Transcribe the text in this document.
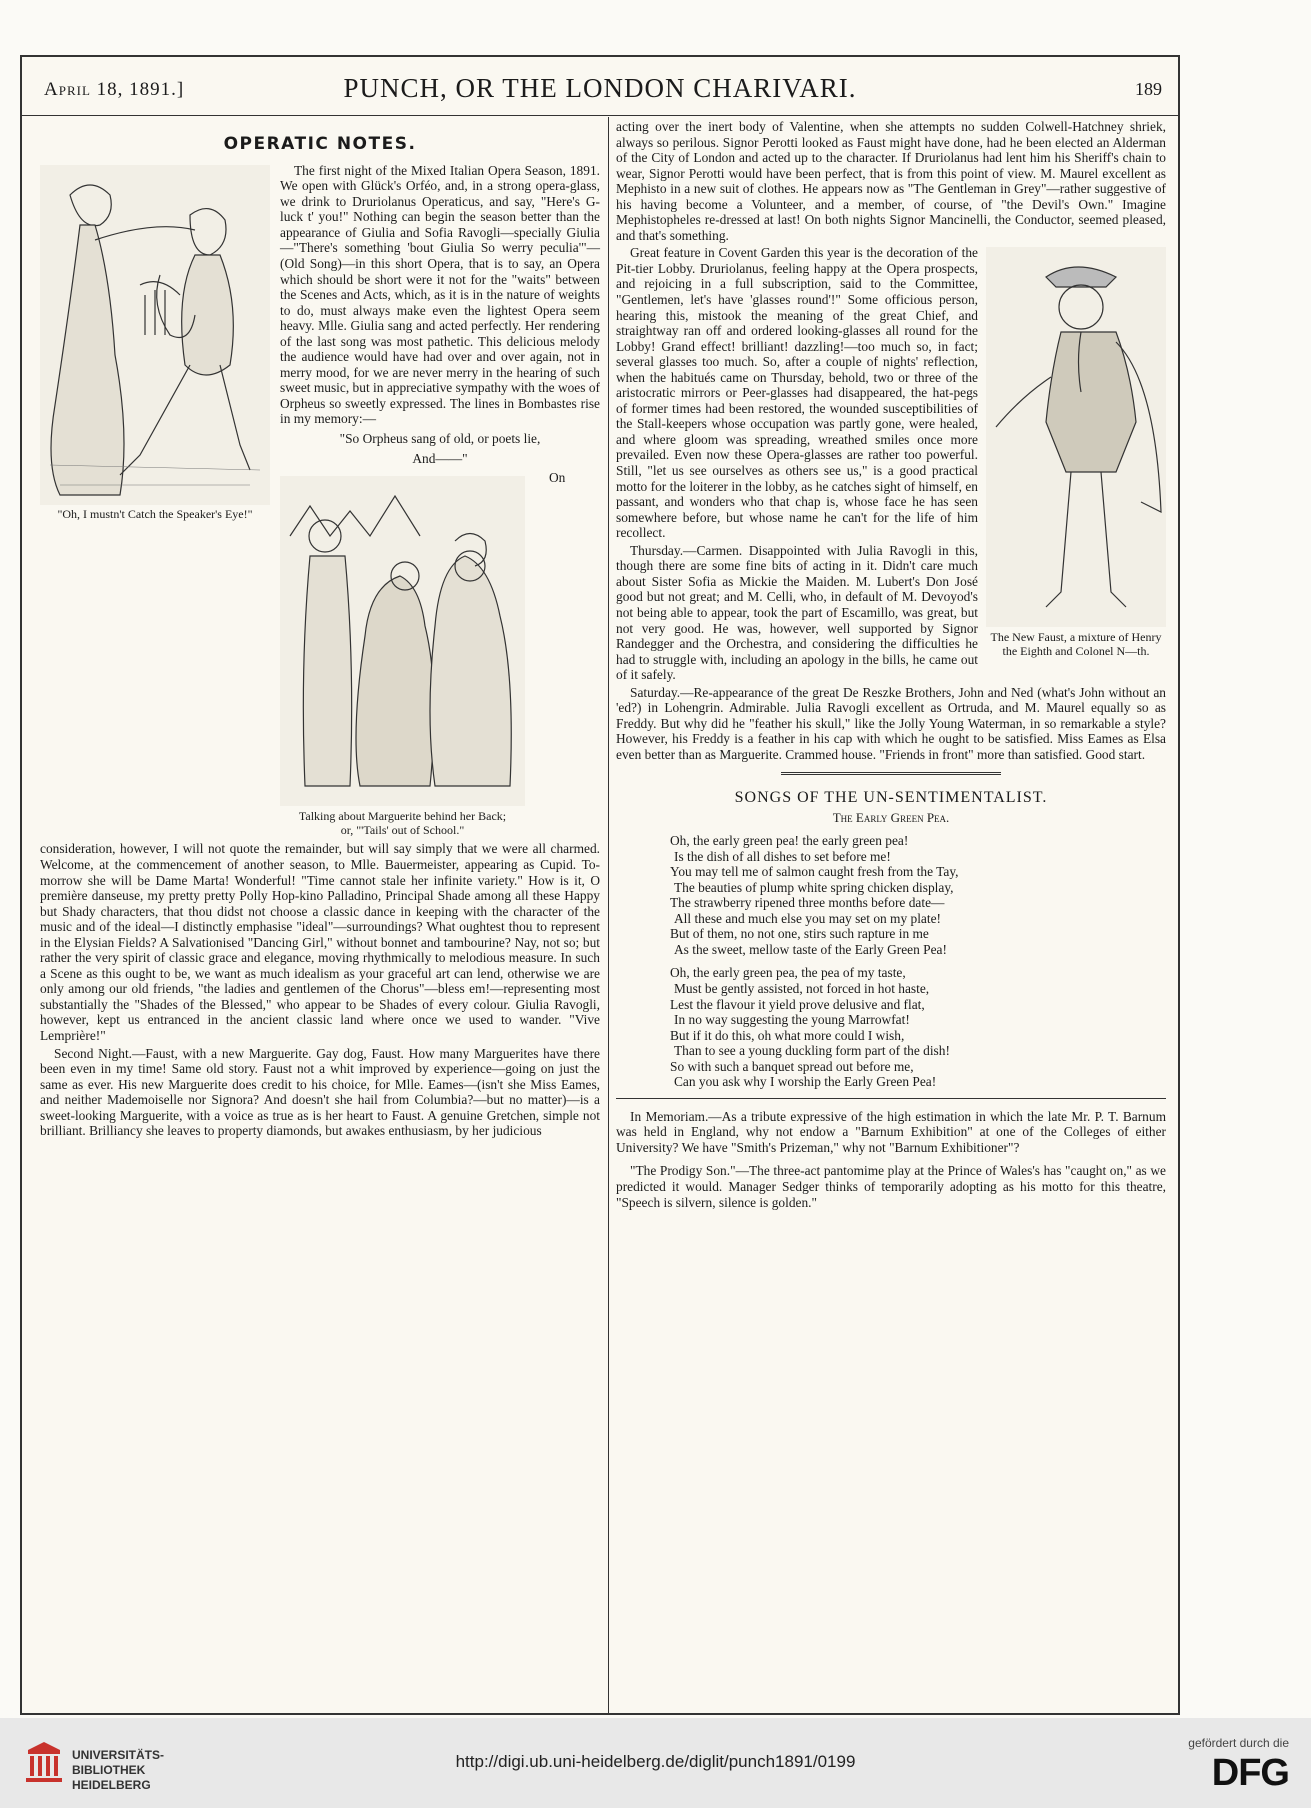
April 18, 1891.]	PUNCH, OR THE LONDON CHARIVARI.	189
OPERATIC NOTES.
"Oh, I mustn't Catch the Speaker's Eye!"

The first night of the Mixed Italian Opera Season, 1891. We open with Glück's Orféo, and, in a strong opera-glass, we drink to Druriolanus Operaticus, and say, "Here's G-luck t' you!" Nothing can begin the season better than the appearance of Giulia and Sofia Ravogli—specially Giulia—"There's something 'bout Giulia So werry peculia'"—(Old Song)—in this short Opera, that is to say, an Opera which should be short were it not for the "waits" between the Scenes and Acts, which, as it is in the nature of weights to do, must always make even the lightest Opera seem heavy. Mlle. Giulia sang and acted perfectly. Her rendering of the last song was most pathetic. This delicious melody the audience would have had over and over again, not in merry mood, for we are never merry in the hearing of such sweet music, but in appreciative sympathy with the woes of Orpheus so sweetly expressed. The lines in Bombastes rise in my memory:—

"So Orpheus sang of old, or poets lie,
And——"
Talking about Marguerite behind her Back;
or, "'Tails' out of School."

On consideration, however, I will not quote the remainder, but will say simply that we were all charmed. Welcome, at the commencement of another season, to Mlle. Bauermeister, appearing as Cupid. To-morrow she will be Dame Marta! Wonderful! "Time cannot stale her infinite variety." How is it, O première danseuse, my pretty pretty Polly Hop-kino Palladino, Principal Shade among all these Happy but Shady characters, that thou didst not choose a classic dance in keeping with the character of the music and of the ideal—I distinctly emphasise "ideal"—surroundings? What oughtest thou to represent in the Elysian Fields? A Salvationised "Dancing Girl," without bonnet and tambourine? Nay, not so; but rather the very spirit of classic grace and elegance, moving rhythmically to melodious measure. In such a Scene as this ought to be, we want as much idealism as your graceful art can lend, otherwise we are only among our old friends, "the ladies and gentlemen of the Chorus"—bless em!—representing most substantially the "Shades of the Blessed," who appear to be Shades of every colour. Giulia Ravogli, however, kept us entranced in the ancient classic land where once we used to wander. "Vive Lemprière!"

Second Night.—Faust, with a new Marguerite. Gay dog, Faust. How many Marguerites have there been even in my time! Same old story. Faust not a whit improved by experience—going on just the same as ever. His new Marguerite does credit to his choice, for Mlle. Eames—(isn't she Miss Eames, and neither Mademoiselle nor Signora? And doesn't she hail from Columbia?—but no matter)—is a sweet-looking Marguerite, with a voice as true as is her heart to Faust. A genuine Gretchen, simple not brilliant. Brilliancy she leaves to property diamonds, but awakes enthusiasm, by her judicious

acting over the inert body of Valentine, when she attempts no sudden Colwell-Hatchney shriek, always so perilous. Signor Perotti looked as Faust might have done, had he been elected an Alderman of the City of London and acted up to the character. If Druriolanus had lent him his Sheriff's chain to wear, Signor Perotti would have been perfect, that is from this point of view. M. Maurel excellent as Mephisto in a new suit of clothes. He appears now as "The Gentleman in Grey"—rather suggestive of his having become a Volunteer, and a member, of course, of "the Devil's Own." Imagine Mephistopheles re-dressed at last! On both nights Signor Mancinelli, the Conductor, seemed pleased, and that's something.

The New Faust, a mixture of Henry the Eighth and Colonel N—th.

Great feature in Covent Garden this year is the decoration of the Pit-tier Lobby. Druriolanus, feeling happy at the Opera prospects, and rejoicing in a full subscription, said to the Committee, "Gentlemen, let's have 'glasses round'!" Some officious person, hearing this, mistook the meaning of the great Chief, and straightway ran off and ordered looking-glasses all round for the Lobby! Grand effect! brilliant! dazzling!—too much so, in fact; several glasses too much. So, after a couple of nights' reflection, when the habitués came on Thursday, behold, two or three of the aristocratic mirrors or Peer-glasses had disappeared, the hat-pegs of former times had been restored, the wounded susceptibilities of the Stall-keepers whose occupation was partly gone, were healed, and where gloom was spreading, wreathed smiles once more prevailed. Even now these Opera-glasses are rather too powerful. Still, "let us see ourselves as others see us," is a good practical motto for the loiterer in the lobby, as he catches sight of himself, en passant, and wonders who that chap is, whose face he has seen somewhere before, but whose name he can't for the life of him recollect.

Thursday.—Carmen. Disappointed with Julia Ravogli in this, though there are some fine bits of acting in it. Didn't care much about Sister Sofia as Mickie the Maiden. M. Lubert's Don José good but not great; and M. Celli, who, in default of M. Devoyod's not being able to appear, took the part of Escamillo, was great, but not very good. He was, however, well supported by Signor Randegger and the Orchestra, and considering the difficulties he had to struggle with, including an apology in the bills, he came out of it safely.

Saturday.—Re-appearance of the great De Reszke Brothers, John and Ned (what's John without an 'ed?) in Lohengrin. Admirable. Julia Ravogli excellent as Ortruda, and M. Maurel equally so as Freddy. But why did he "feather his skull," like the Jolly Young Waterman, in so remarkable a style? However, his Freddy is a feather in his cap with which he ought to be satisfied. Miss Eames as Elsa even better than as Marguerite. Crammed house. "Friends in front" more than satisfied. Good start.

SONGS OF THE UN-SENTIMENTALIST.
The Early Green Pea.
Oh, the early green pea! the early green pea!
Is the dish of all dishes to set before me!
You may tell me of salmon caught fresh from the Tay,
The beauties of plump white spring chicken display,
The strawberry ripened three months before date—
All these and much else you may set on my plate!
But of them, no not one, stirs such rapture in me
As the sweet, mellow taste of the Early Green Pea!
Oh, the early green pea, the pea of my taste,
Must be gently assisted, not forced in hot haste,
Lest the flavour it yield prove delusive and flat,
In no way suggesting the young Marrowfat!
But if it do this, oh what more could I wish,
Than to see a young duckling form part of the dish!
So with such a banquet spread out before me,
Can you ask why I worship the Early Green Pea!

In Memoriam.—As a tribute expressive of the high estimation in which the late Mr. P. T. Barnum was held in England, why not endow a "Barnum Exhibition" at one of the Colleges of either University? We have "Smith's Prizeman," why not "Barnum Exhibitioner"?

"The Prodigy Son."—The three-act pantomime play at the Prince of Wales's has "caught on," as we predicted it would. Manager Sedger thinks of temporarily adopting as his motto for this theatre, "Speech is silvern, silence is golden."

UNIVERSITÄTS-
BIBLIOTHEK
HEIDELBERG
http://digi.ub.uni-heidelberg.de/diglit/punch1891/0199
gefördert durch die
DFG
